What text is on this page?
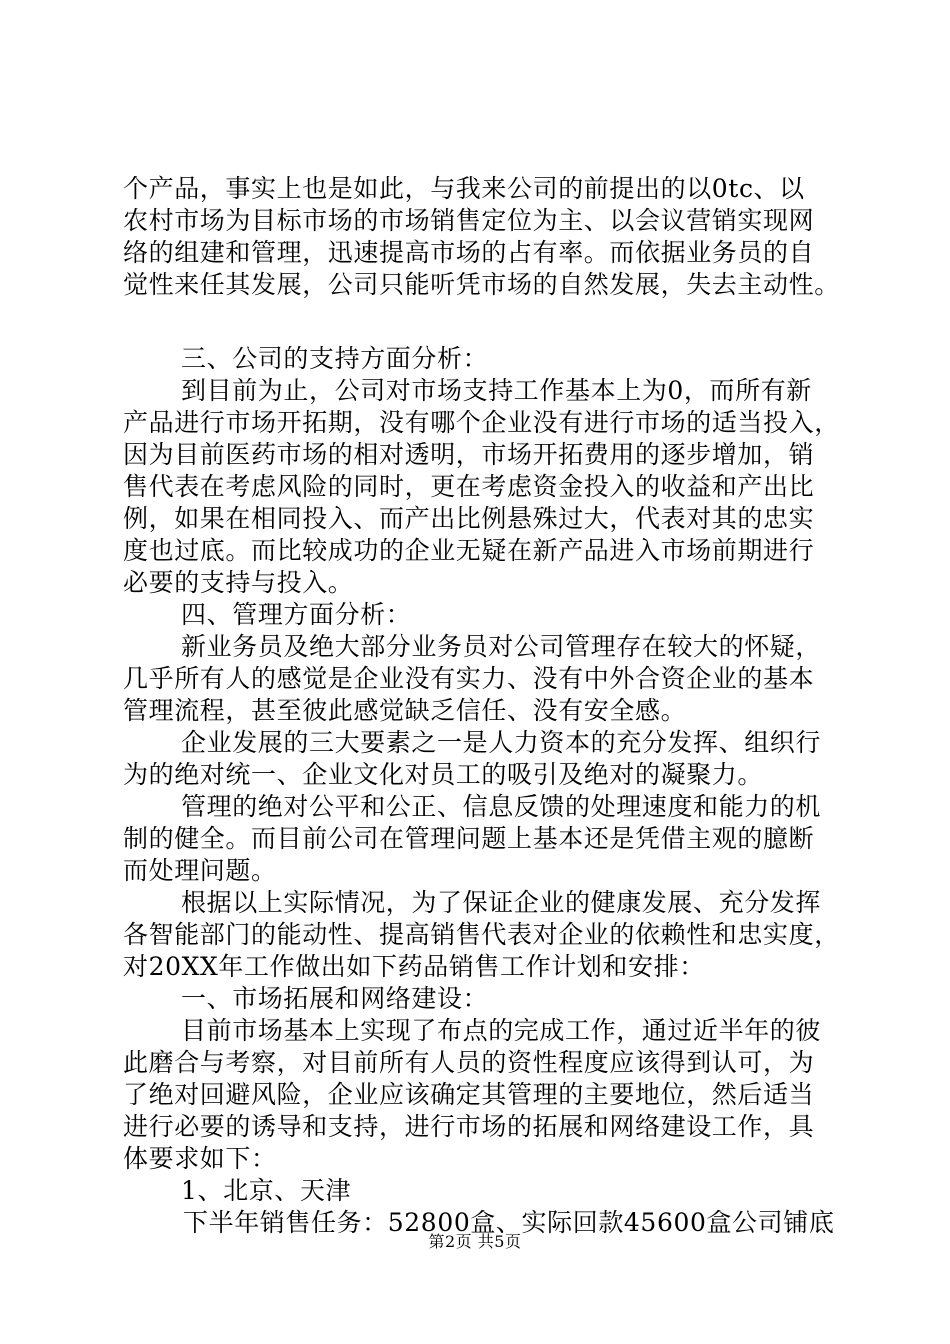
个产品，事实上也是如此，与我来公司的前提出的以0tc、以
农村市场为目标市场的市场销售定位为主、以会议营销实现网
络的组建和管理，迅速提高市场的占有率。而依据业务员的自
觉性来任其发展，公司只能听凭市场的自然发展，失去主动性。
三、公司的支持方面分析：
到目前为止，公司对市场支持工作基本上为0，而所有新
产品进行市场开拓期，没有哪个企业没有进行市场的适当投入，
因为目前医药市场的相对透明，市场开拓费用的逐步增加，销
售代表在考虑风险的同时，更在考虑资金投入的收益和产出比
例，如果在相同投入、而产出比例悬殊过大，代表对其的忠实
度也过底。而比较成功的企业无疑在新产品进入市场前期进行
必要的支持与投入。
四、管理方面分析：
新业务员及绝大部分业务员对公司管理存在较大的怀疑，
几乎所有人的感觉是企业没有实力、没有中外合资企业的基本
管理流程，甚至彼此感觉缺乏信任、没有安全感。
企业发展的三大要素之一是人力资本的充分发挥、组织行
为的绝对统一、企业文化对员工的吸引及绝对的凝聚力。
管理的绝对公平和公正、信息反馈的处理速度和能力的机
制的健全。而目前公司在管理问题上基本还是凭借主观的臆断
而处理问题。
根据以上实际情况，为了保证企业的健康发展、充分发挥
各智能部门的能动性、提高销售代表对企业的依赖性和忠实度，
对20XX年工作做出如下药品销售工作计划和安排：
一、市场拓展和网络建设：
目前市场基本上实现了布点的完成工作，通过近半年的彼
此磨合与考察，对目前所有人员的资性程度应该得到认可，为
了绝对回避风险，企业应该确定其管理的主要地位，然后适当
进行必要的诱导和支持，进行市场的拓展和网络建设工作，具
体要求如下：
1、北京、天津
下半年销售任务：52800盒、实际回款45600盒公司铺底
第2页 共5页
